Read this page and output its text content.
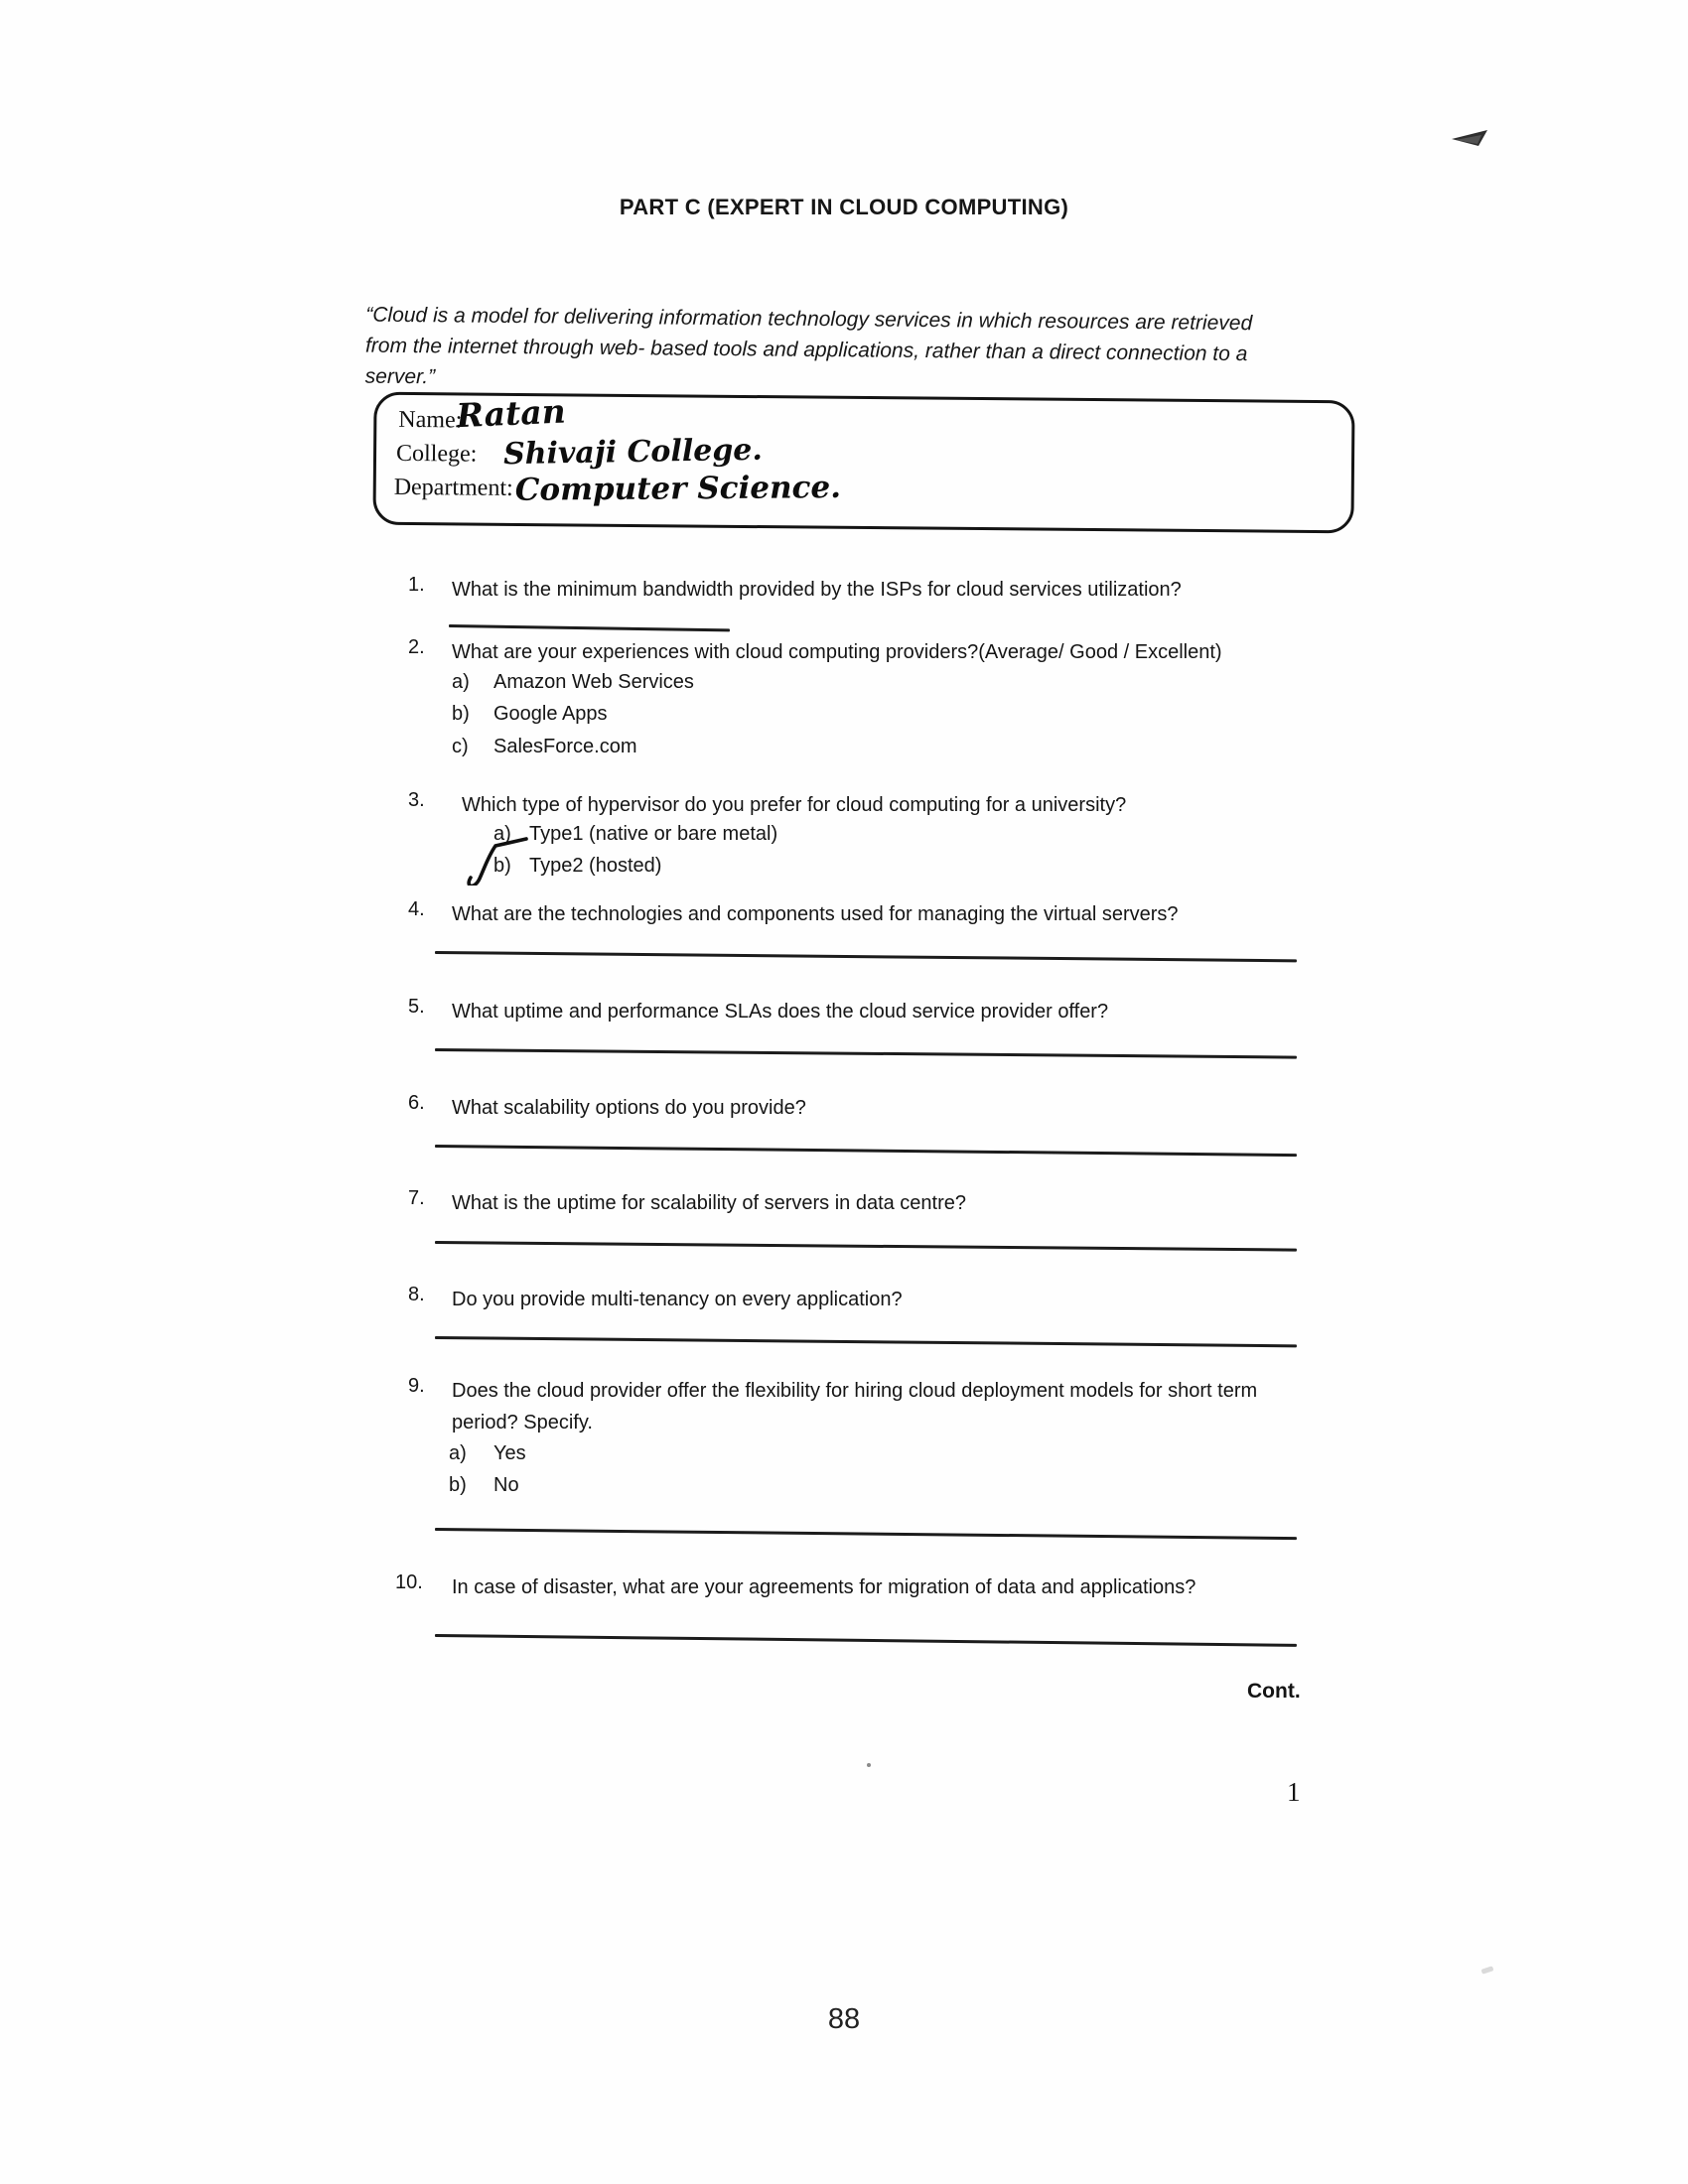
PART C (EXPERT IN CLOUD COMPUTING)
“Cloud is a model for delivering information technology services in which resources are retrieved from the internet through web- based tools and applications, rather than a direct connection to a server.”
Name:
Ratan
College: Shivaji College.
Department: Computer Science.
1.	What is the minimum bandwidth provided by the ISPs for cloud services utilization?
2.	What are your experiences with cloud computing providers?(Average/ Good / Excellent)
a)	Amazon Web Services
b)	Google Apps
c)	SalesForce.com
3.	Which type of hypervisor do you prefer for cloud computing for a university?
a) Type1 (native or bare metal)
b) Type2 (hosted)
4.	What are the technologies and components used for managing the virtual servers?
5.	What uptime and performance SLAs does the cloud service provider offer?
6.	What scalability options do you provide?
7.	What is the uptime for scalability of servers in data centre?
8.	Do you provide multi-tenancy on every application?
9.	Does the cloud provider offer the flexibility for hiring cloud deployment models for short term period? Specify.
a)	Yes
b)	No
10.	In case of disaster, what are your agreements for migration of data and applications?
Cont.
1
88
